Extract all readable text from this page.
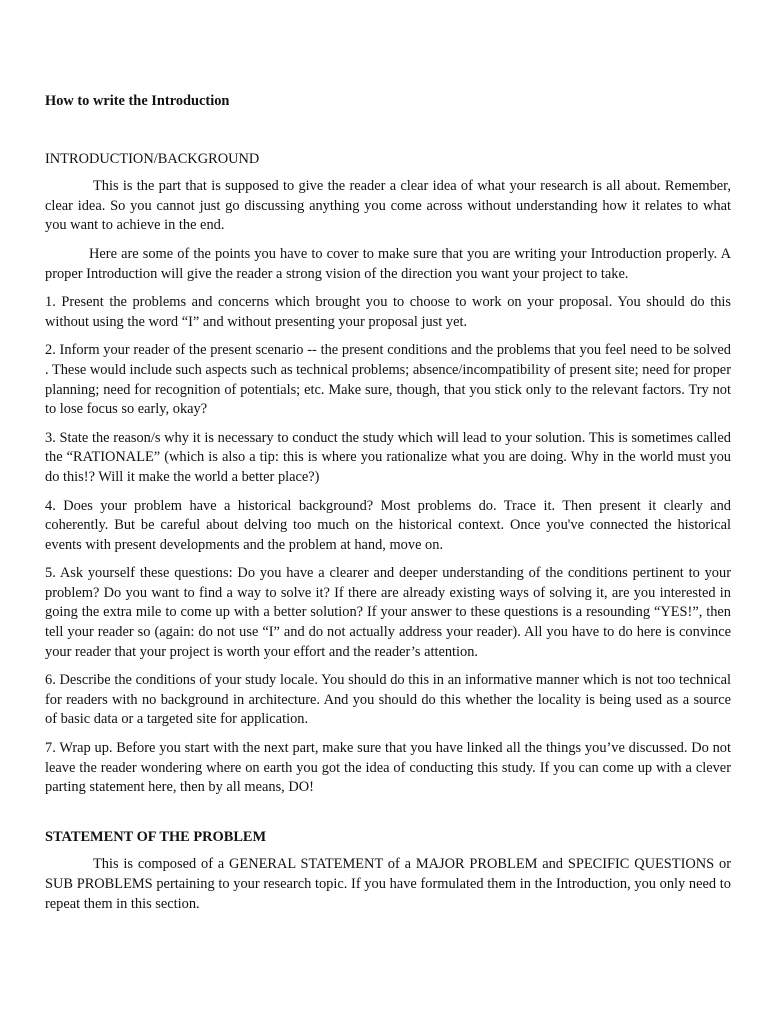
How to write the Introduction

INTRODUCTION/BACKGROUND

This is the part that is supposed to give the reader a clear idea of what your research is all about. Remember, clear idea. So you cannot just go discussing anything you come across without understanding how it relates to what you want to achieve in the end.

Here are some of the points you have to cover to make sure that you are writing your Introduction properly. A proper Introduction will give the reader a strong vision of the direction you want your project to take.

1. Present the problems and concerns which brought you to choose to work on your proposal. You should do this without using the word “I” and without presenting your proposal just yet.

2. Inform your reader of the present scenario -- the present conditions and the problems that you feel need to be solved . These would include such aspects such as technical problems; absence/incompatibility of present site; need for proper planning; need for recognition of potentials; etc. Make sure, though, that you stick only to the relevant factors. Try not to lose focus so early, okay?

3. State the reason/s why it is necessary to conduct the study which will lead to your solution. This is sometimes called the “RATIONALE” (which is also a tip: this is where you rationalize what you are doing. Why in the world must you do this!? Will it make the world a better place?)

4. Does your problem have a historical background? Most problems do. Trace it. Then present it clearly and coherently. But be careful about delving too much on the historical context. Once you've connected the historical events with present developments and the problem at hand, move on.

5. Ask yourself these questions: Do you have a clearer and deeper understanding of the conditions pertinent to your problem? Do you want to find a way to solve it? If there are already existing ways of solving it, are you interested in going the extra mile to come up with a better solution? If your answer to these questions is a resounding “YES!”, then tell your reader so (again: do not use “I” and do not actually address your reader). All you have to do here is convince your reader that your project is worth your effort and the reader’s attention.

6. Describe the conditions of your study locale. You should do this in an informative manner which is not too technical for readers with no background in architecture. And you should do this whether the locality is being used as a source of basic data or a targeted site for application.

7. Wrap up. Before you start with the next part, make sure that you have linked all the things you’ve discussed. Do not leave the reader wondering where on earth you got the idea of conducting this study. If you can come up with a clever parting statement here, then by all means, DO!

STATEMENT OF THE PROBLEM

This is composed of a GENERAL STATEMENT of a MAJOR PROBLEM and SPECIFIC QUESTIONS or SUB PROBLEMS pertaining to your research topic. If you have formulated them in the Introduction, you only need to repeat them in this section.
